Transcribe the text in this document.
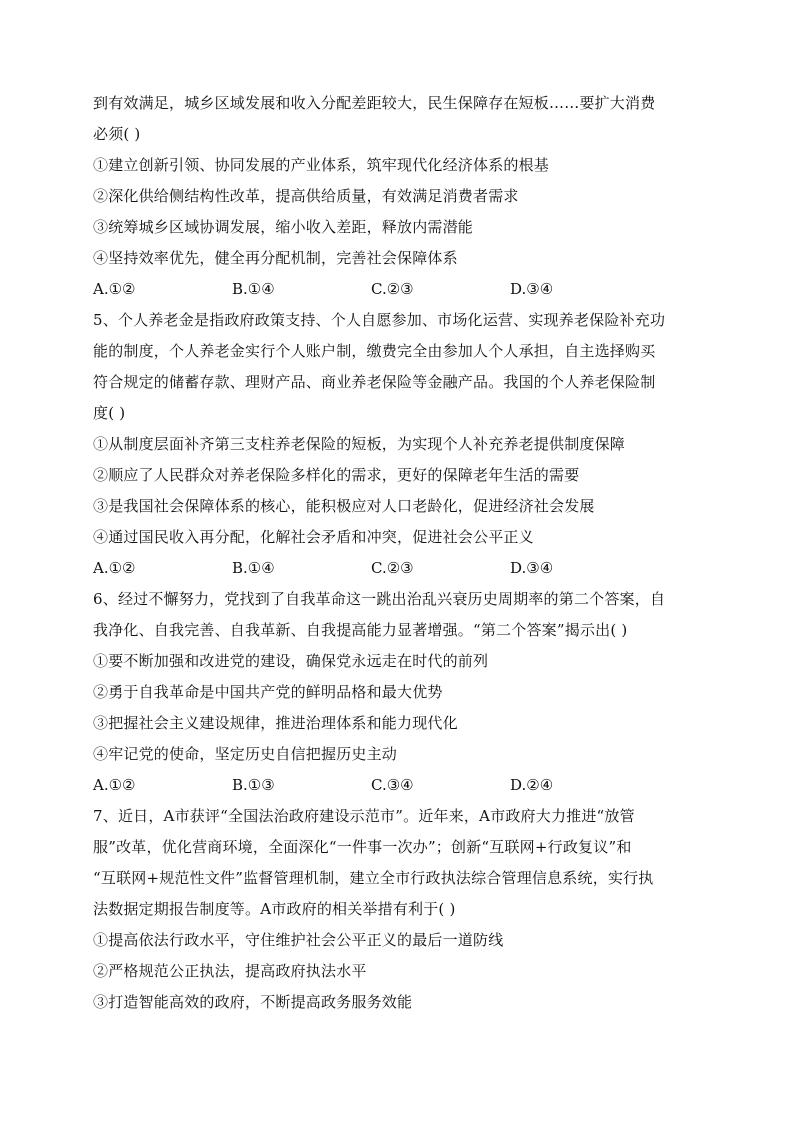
到有效满足，城乡区域发展和收入分配差距较大，民生保障存在短板……要扩大消费
必须( )
①建立创新引领、协同发展的产业体系，筑牢现代化经济体系的根基
②深化供给侧结构性改革，提高供给质量，有效满足消费者需求
③统筹城乡区域协调发展，缩小收入差距，释放内需潜能
④坚持效率优先，健全再分配机制，完善社会保障体系
A.①②	B.①④	C.②③	D.③④
5、个人养老金是指政府政策支持、个人自愿参加、市场化运营、实现养老保险补充功
能的制度，个人养老金实行个人账户制，缴费完全由参加人个人承担，自主选择购买
符合规定的储蓄存款、理财产品、商业养老保险等金融产品。我国的个人养老保险制
度( )
①从制度层面补齐第三支柱养老保险的短板，为实现个人补充养老提供制度保障
②顺应了人民群众对养老保险多样化的需求，更好的保障老年生活的需要
③是我国社会保障体系的核心，能积极应对人口老龄化，促进经济社会发展
④通过国民收入再分配，化解社会矛盾和冲突，促进社会公平正义
A.①②	B.①④	C.②③	D.③④
6、经过不懈努力，党找到了自我革命这一跳出治乱兴衰历史周期率的第二个答案，自
我净化、自我完善、自我革新、自我提高能力显著增强。“第二个答案”揭示出( )
①要不断加强和改进党的建设，确保党永远走在时代的前列
②勇于自我革命是中国共产党的鲜明品格和最大优势
③把握社会主义建设规律，推进治理体系和能力现代化
④牢记党的使命，坚定历史自信把握历史主动
A.①②	B.①③	C.③④	D.②④
7、近日，A市获评“全国法治政府建设示范市”。近年来，A市政府大力推进“放管
服”改革，优化营商环境，全面深化“一件事一次办”；创新“互联网+行政复议”和
“互联网+规范性文件”监督管理机制，建立全市行政执法综合管理信息系统，实行执
法数据定期报告制度等。A市政府的相关举措有利于( )
①提高依法行政水平，守住维护社会公平正义的最后一道防线
②严格规范公正执法，提高政府执法水平
③打造智能高效的政府，不断提高政务服务效能
